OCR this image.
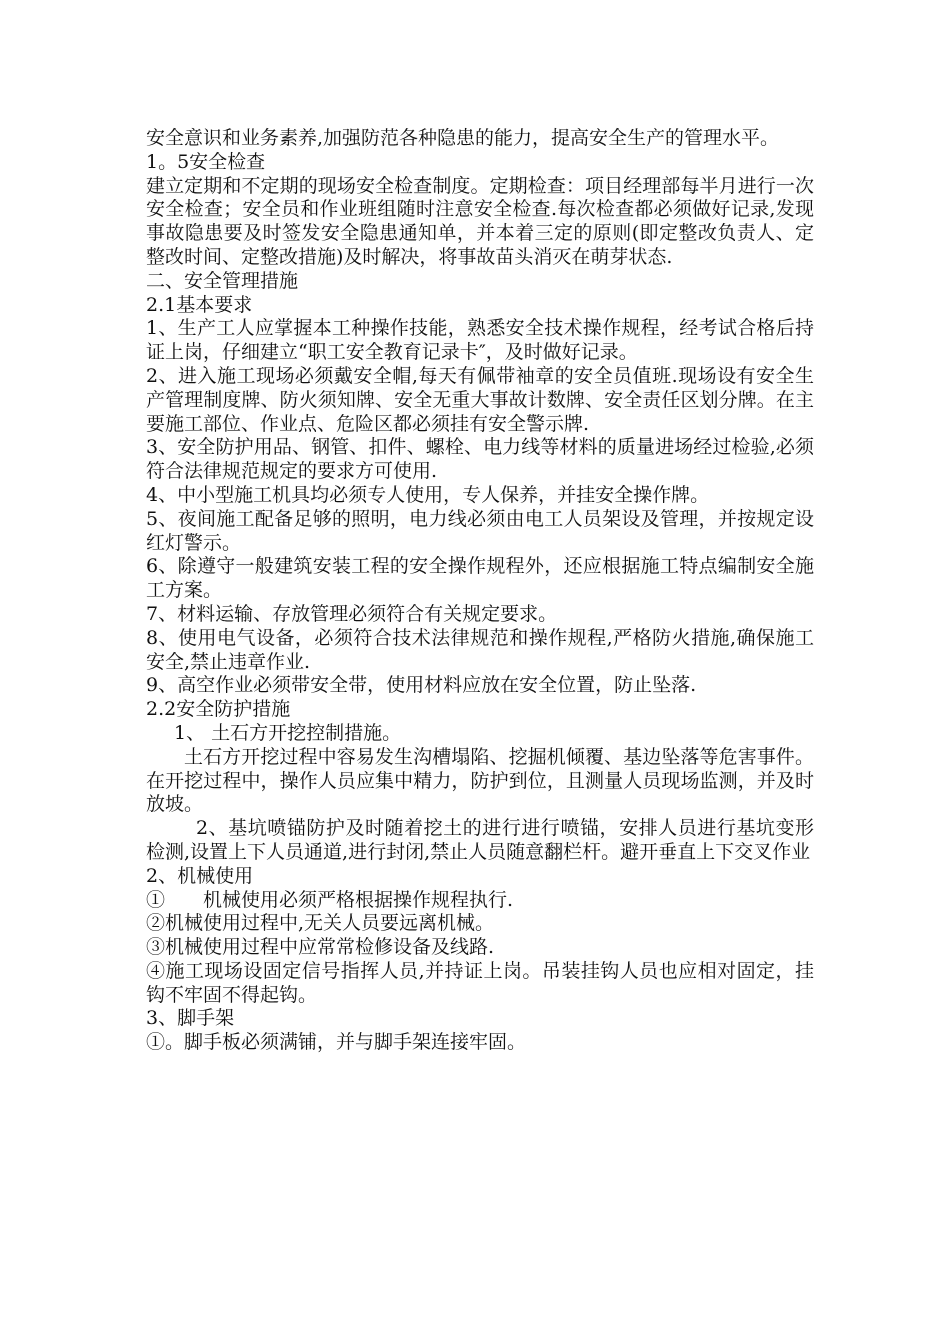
安全意识和业务素养,加强防范各种隐患的能力，提高安全生产的管理水平。

1。5安全检查

建立定期和不定期的现场安全检查制度。定期检查：项目经理部每半月进行一次安全检查；安全员和作业班组随时注意安全检查.每次检查都必须做好记录,发现事故隐患要及时签发安全隐患通知单，并本着三定的原则(即定整改负责人、定整改时间、定整改措施)及时解决，将事故苗头消灭在萌芽状态.

二、安全管理措施

2.1基本要求

1、生产工人应掌握本工种操作技能，熟悉安全技术操作规程，经考试合格后持证上岗，仔细建立“职工安全教育记录卡″，及时做好记录。

2、进入施工现场必须戴安全帽,每天有佩带袖章的安全员值班.现场设有安全生产管理制度牌、防火须知牌、安全无重大事故计数牌、安全责任区划分牌。在主要施工部位、作业点、危险区都必须挂有安全警示牌.

3、安全防护用品、钢管、扣件、螺栓、电力线等材料的质量进场经过检验,必须符合法律规范规定的要求方可使用.

4、中小型施工机具均必须专人使用，专人保养，并挂安全操作牌。

5、夜间施工配备足够的照明，电力线必须由电工人员架设及管理，并按规定设红灯警示。

6、除遵守一般建筑安装工程的安全操作规程外，还应根据施工特点编制安全施工方案。

7、材料运输、存放管理必须符合有关规定要求。

8、使用电气设备，必须符合技术法律规范和操作规程,严格防火措施,确保施工安全,禁止违章作业.

9、高空作业必须带安全带，使用材料应放在安全位置，防止坠落.

2.2安全防护措施

1、 土石方开挖控制措施。

土石方开挖过程中容易发生沟槽塌陷、挖掘机倾覆、基边坠落等危害事件。在开挖过程中，操作人员应集中精力，防护到位，且测量人员现场监测，并及时放坡。

2、基坑喷锚防护及时随着挖土的进行进行喷锚，安排人员进行基坑变形检测,设置上下人员通道,进行封闭,禁止人员随意翻栏杆。避开垂直上下交叉作业

2、机械使用

①　　机械使用必须严格根据操作规程执行.

②机械使用过程中,无关人员要远离机械。

③机械使用过程中应常常检修设备及线路.

④施工现场设固定信号指挥人员,并持证上岗。吊装挂钩人员也应相对固定，挂钩不牢固不得起钩。

3、脚手架

①。脚手板必须满铺，并与脚手架连接牢固。
